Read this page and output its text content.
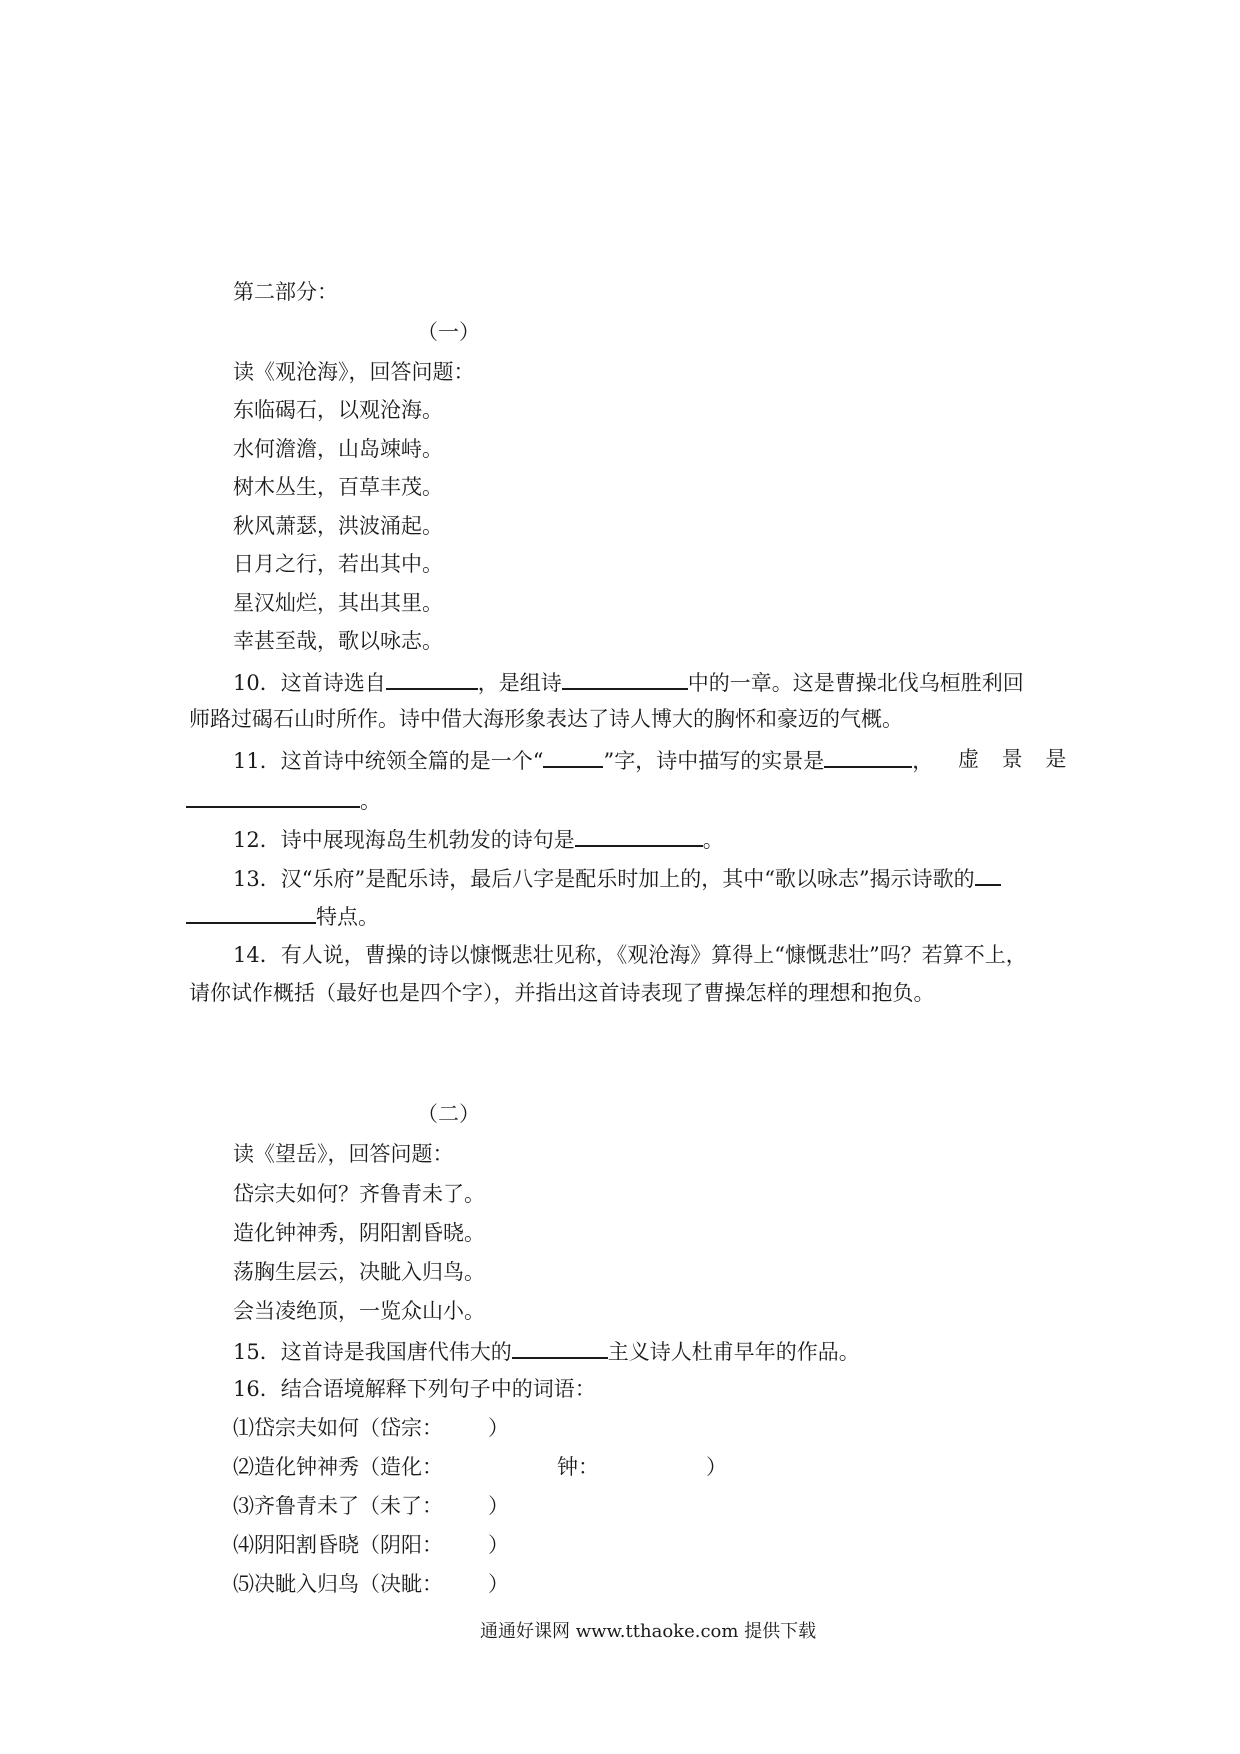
第二部分：
（一）
读《观沧海》，回答问题：
东临碣石，以观沧海。
水何澹澹，山岛竦峙。
树木丛生，百草丰茂。
秋风萧瑟，洪波涌起。
日月之行，若出其中。
星汉灿烂，其出其里。
幸甚至哉，歌以咏志。
10．这首诗选自	，是组诗	中的一章。这是曹操北伐乌桓胜利回
师路过碣石山时所作。诗中借大海形象表达了诗人博大的胸怀和豪迈的气概。
11．这首诗中统领全篇的是一个“	”字，诗中描写的实景是	， 虚 景 是
。
12．诗中展现海岛生机勃发的诗句是	。
13．汉“乐府”是配乐诗，最后八字是配乐时加上的，其中“歌以咏志”揭示诗歌的
特点。
14．有人说，曹操的诗以慷慨悲壮见称，《观沧海》算得上“慷慨悲壮”吗？若算不上，
请你试作概括（最好也是四个字），并指出这首诗表现了曹操怎样的理想和抱负。
（二）
读《望岳》，回答问题：
岱宗夫如何？齐鲁青未了。
造化钟神秀，阴阳割昏晓。
荡胸生层云，决眦入归鸟。
会当凌绝顶，一览众山小。
15．这首诗是我国唐代伟大的	主义诗人杜甫早年的作品。
16．结合语境解释下列句子中的词语：
⑴岱宗夫如何（岱宗： ）
⑵造化钟神秀（造化：	钟：	）
⑶齐鲁青未了（未了： ）
⑷阴阳割昏晓（阴阳： ）
⑸决眦入归鸟（决眦： ）
通通好课网 www.tthaoke.com 提供下载
